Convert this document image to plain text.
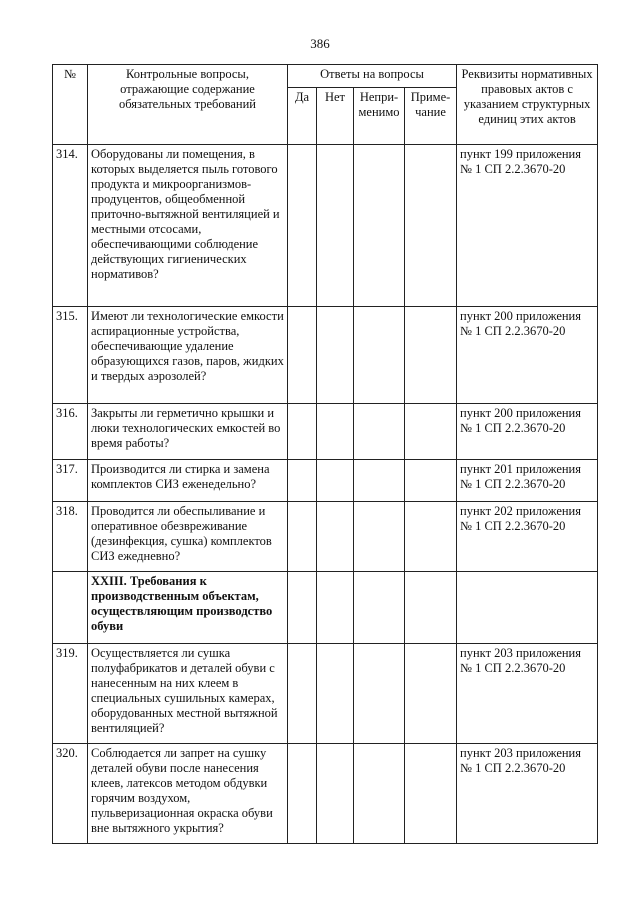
386
№	Контрольные вопросы, отражающие содержание обязательных требований	Ответы на вопросы				Реквизиты нормативных правовых актов с указанием структурных единиц этих актов
		Да	Нет	Непри-менимо	Приме-чание	
314.	Оборудованы ли помещения, в которых выделяется пыль готового продукта и микроорганизмов-продуцентов, общеобменной приточно-вытяжной вентиляцией и местными отсосами, обеспечивающими соблюдение действующих гигиенических нормативов?					пункт 199 приложения № 1 СП 2.2.3670-20
315.	Имеют ли технологические емкости аспирационные устройства, обеспечивающие удаление образующихся газов, паров, жидких и твердых аэрозолей?					пункт 200 приложения № 1 СП 2.2.3670-20
316.	Закрыты ли герметично крышки и люки технологических емкостей во время работы?					пункт 200 приложения № 1 СП 2.2.3670-20
317.	Производится ли стирка и замена комплектов СИЗ еженедельно?					пункт 201 приложения № 1 СП 2.2.3670-20
318.	Проводится ли обеспыливание и оперативное обезвреживание (дезинфекция, сушка) комплектов СИЗ ежедневно?					пункт 202 приложения № 1 СП 2.2.3670-20
	XXIII. Требования к производственным объектам, осуществляющим производство обуви					
319.	Осуществляется ли сушка полуфабрикатов и деталей обуви с нанесенным на них клеем в специальных сушильных камерах, оборудованных местной вытяжной вентиляцией?					пункт 203 приложения № 1 СП 2.2.3670-20
320.	Соблюдается ли запрет на сушку деталей обуви после нанесения клеев, латексов методом обдувки горячим воздухом, пульверизационная окраска обуви вне вытяжного укрытия?					пункт 203 приложения № 1 СП 2.2.3670-20
